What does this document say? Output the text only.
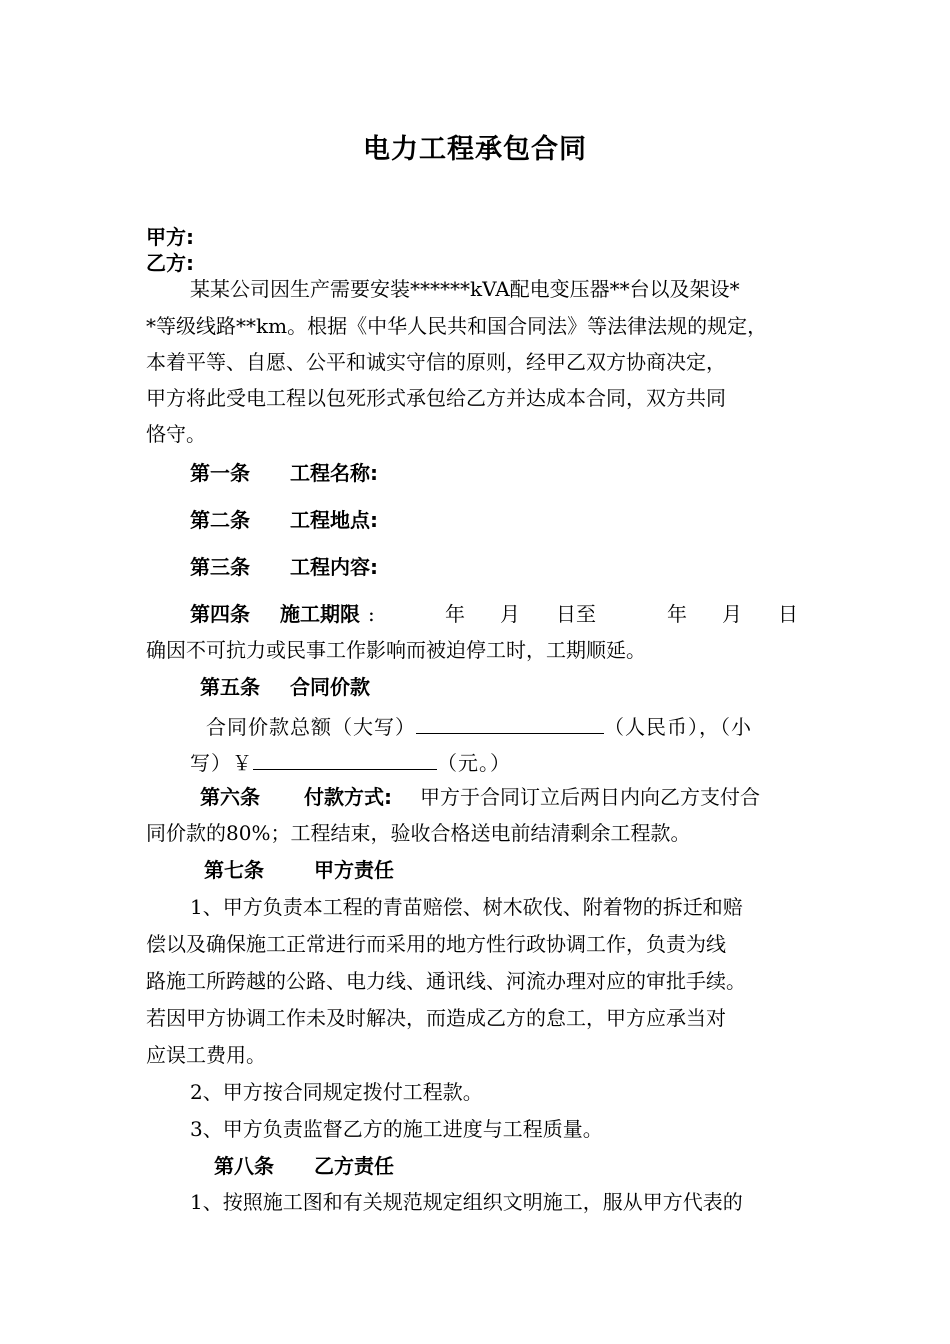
电力工程承包合同
甲方:
乙方:
某某公司因生产需要安装******kVA配电变压器**台以及架设*
*等级线路**km。根据《中华人民共和国合同法》等法律法规的规定，
本着平等、自愿、公平和诚实守信的原则，经甲乙双方协商决定，
甲方将此受电工程以包死形式承包给乙方并达成本合同，双方共同
恪守。
第一条 工程名称:
第二条 工程地点:
第三条 工程内容:
第四条 施工期限 :	年 月 日至	年 月 日
确因不可抗力或民事工作影响而被迫停工时，工期顺延。
第五条 合同价款
合同价款总额（大写）	（人民币），（小
写）￥	（元。）
第六条 付款方式: 甲方于合同订立后两日内向乙方支付合
同价款的80%；工程结束，验收合格送电前结清剩余工程款。
第七条	甲方责任
1、甲方负责本工程的青苗赔偿、树木砍伐、附着物的拆迁和赔
偿以及确保施工正常进行而采用的地方性行政协调工作，负责为线
路施工所跨越的公路、电力线、通讯线、河流办理对应的审批手续。
若因甲方协调工作未及时解决，而造成乙方的怠工，甲方应承当对
应误工费用。
2、甲方按合同规定拨付工程款。
3、甲方负责监督乙方的施工进度与工程质量。
第八条 乙方责任
1、按照施工图和有关规范规定组织文明施工，服从甲方代表的
